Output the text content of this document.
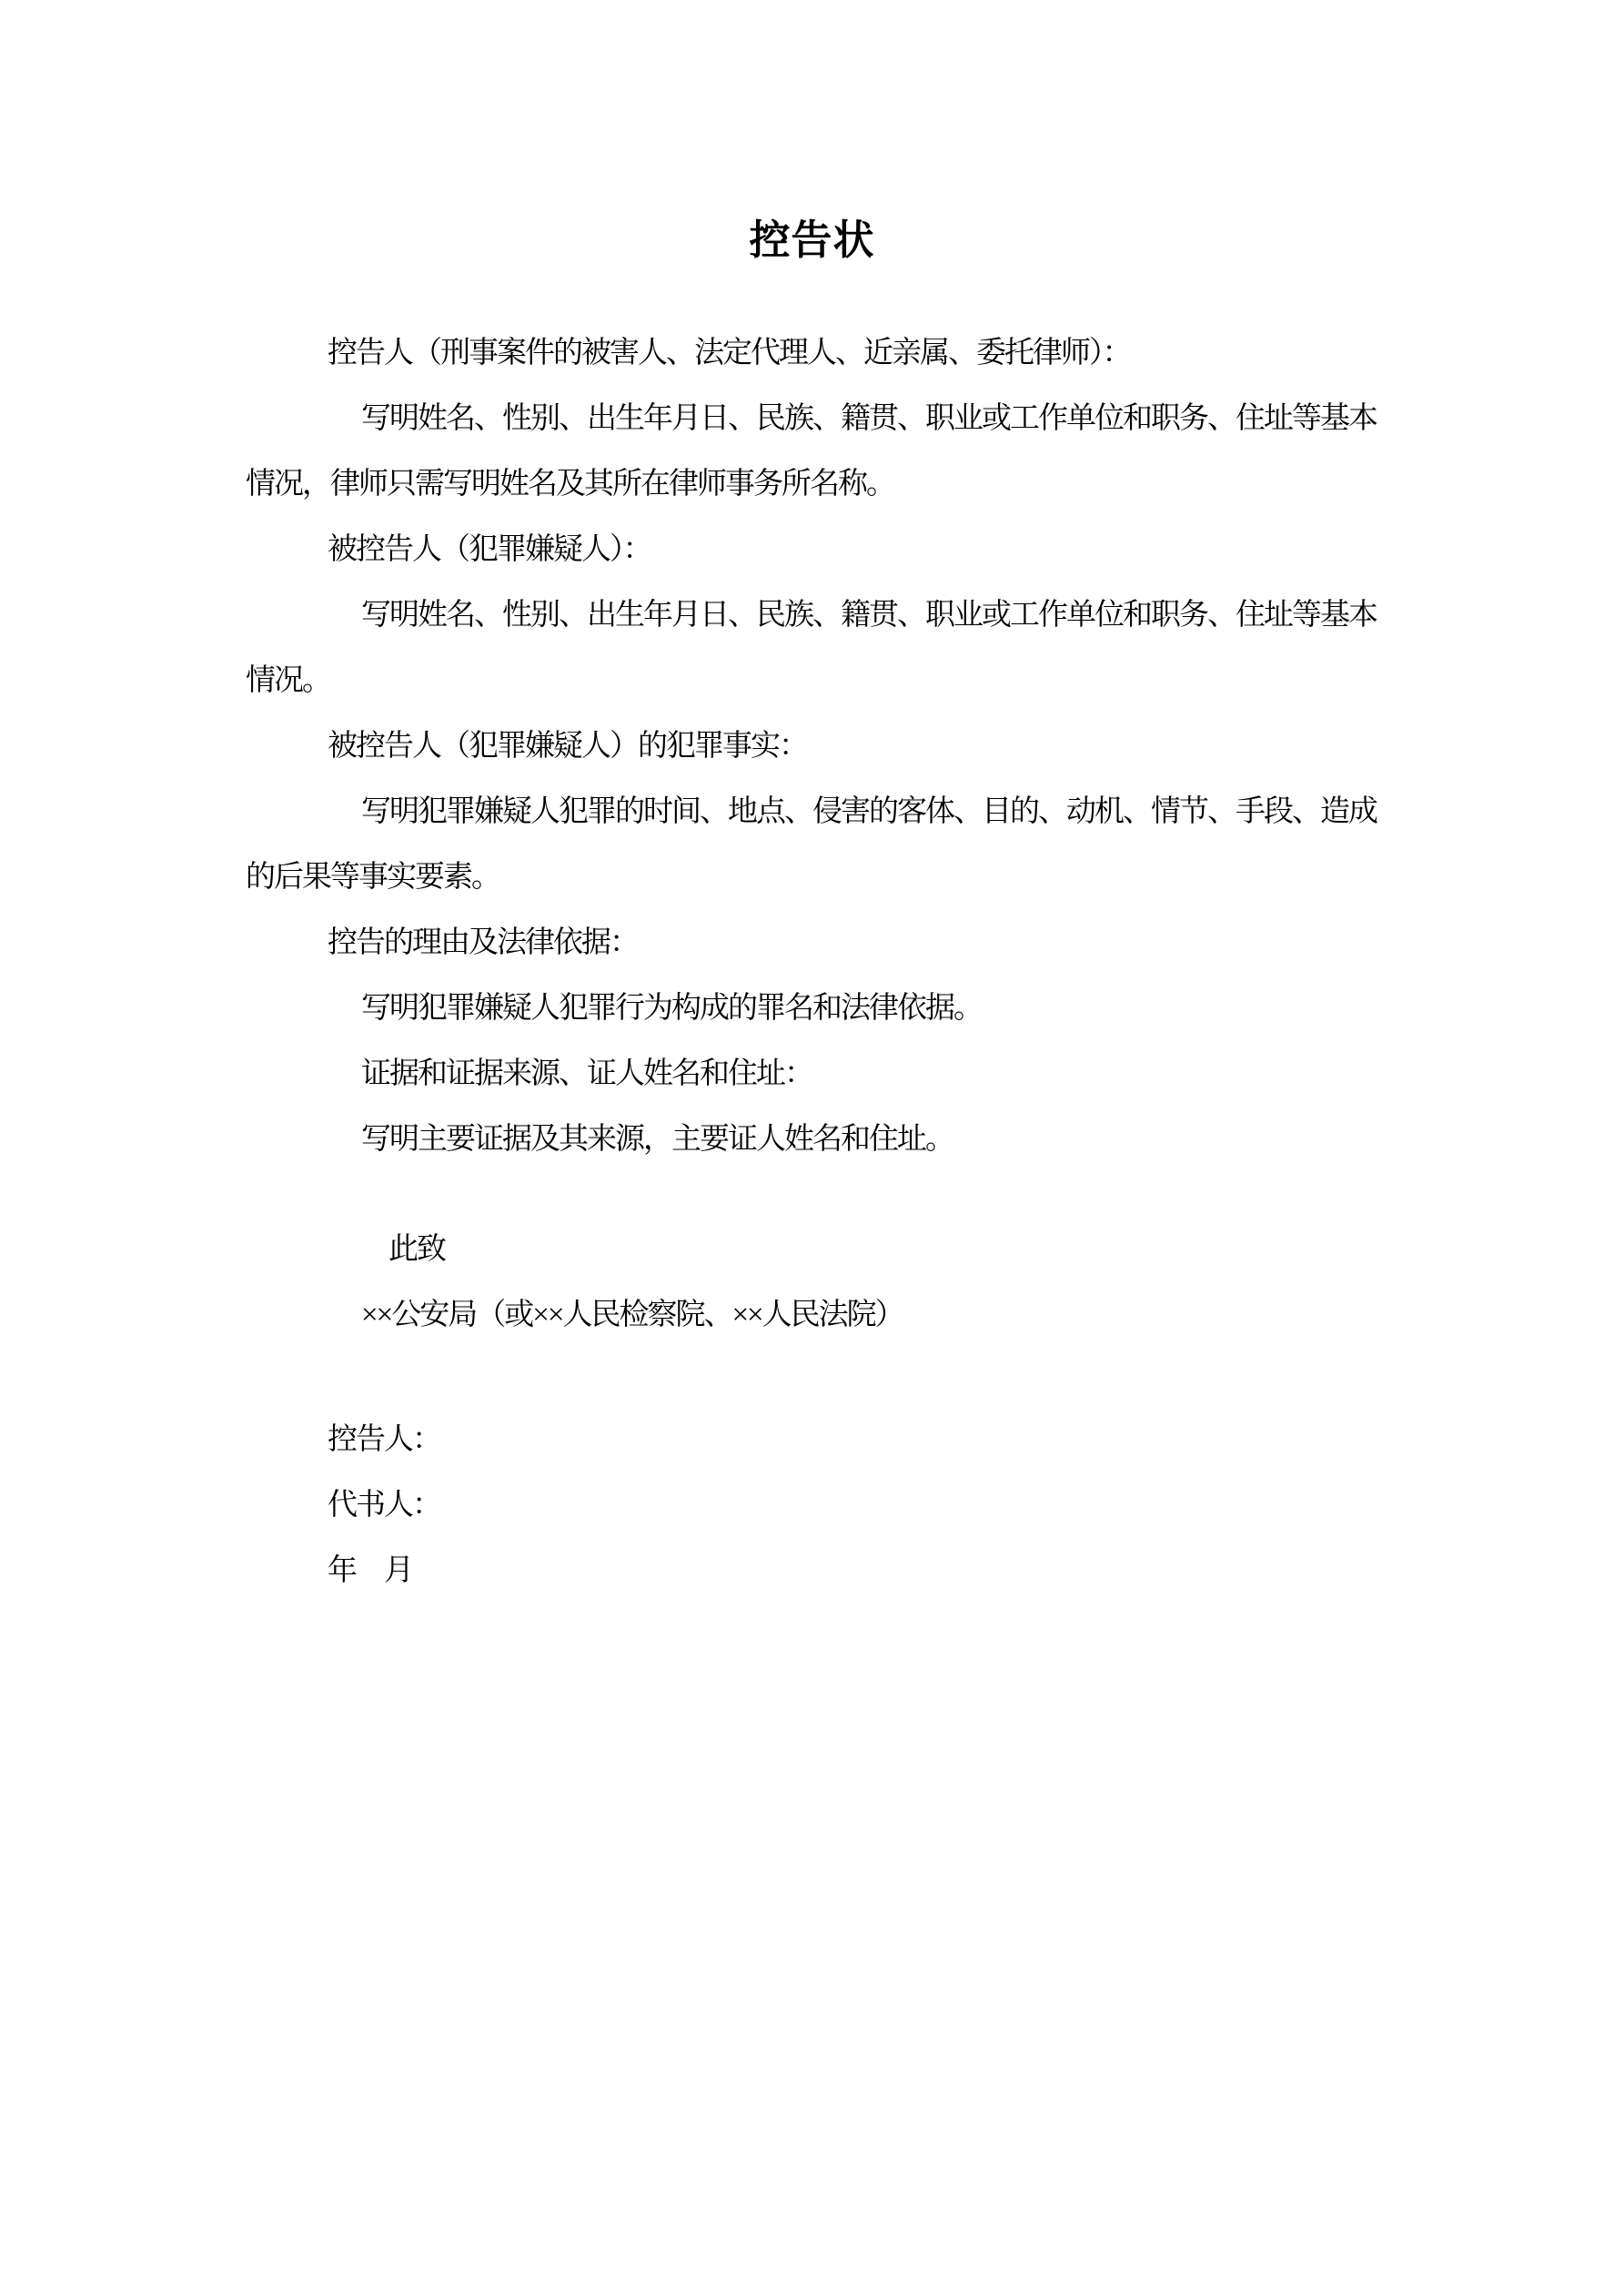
控告状
控告人（刑事案件的被害人、法定代理人、近亲属、委托律师）：
写明姓名、性别、出生年月日、民族、籍贯、职业或工作单位和职务、住址等基本
情况，律师只需写明姓名及其所在律师事务所名称。
被控告人（犯罪嫌疑人）：
写明姓名、性别、出生年月日、民族、籍贯、职业或工作单位和职务、住址等基本
情况。
被控告人（犯罪嫌疑人）的犯罪事实：
写明犯罪嫌疑人犯罪的时间、地点、侵害的客体、目的、动机、情节、手段、造成
的后果等事实要素。
控告的理由及法律依据：
写明犯罪嫌疑人犯罪行为构成的罪名和法律依据。
证据和证据来源、证人姓名和住址：
写明主要证据及其来源，主要证人姓名和住址。
此致
××公安局（或××人民检察院、××人民法院）
控告人：
代书人：
年　月
